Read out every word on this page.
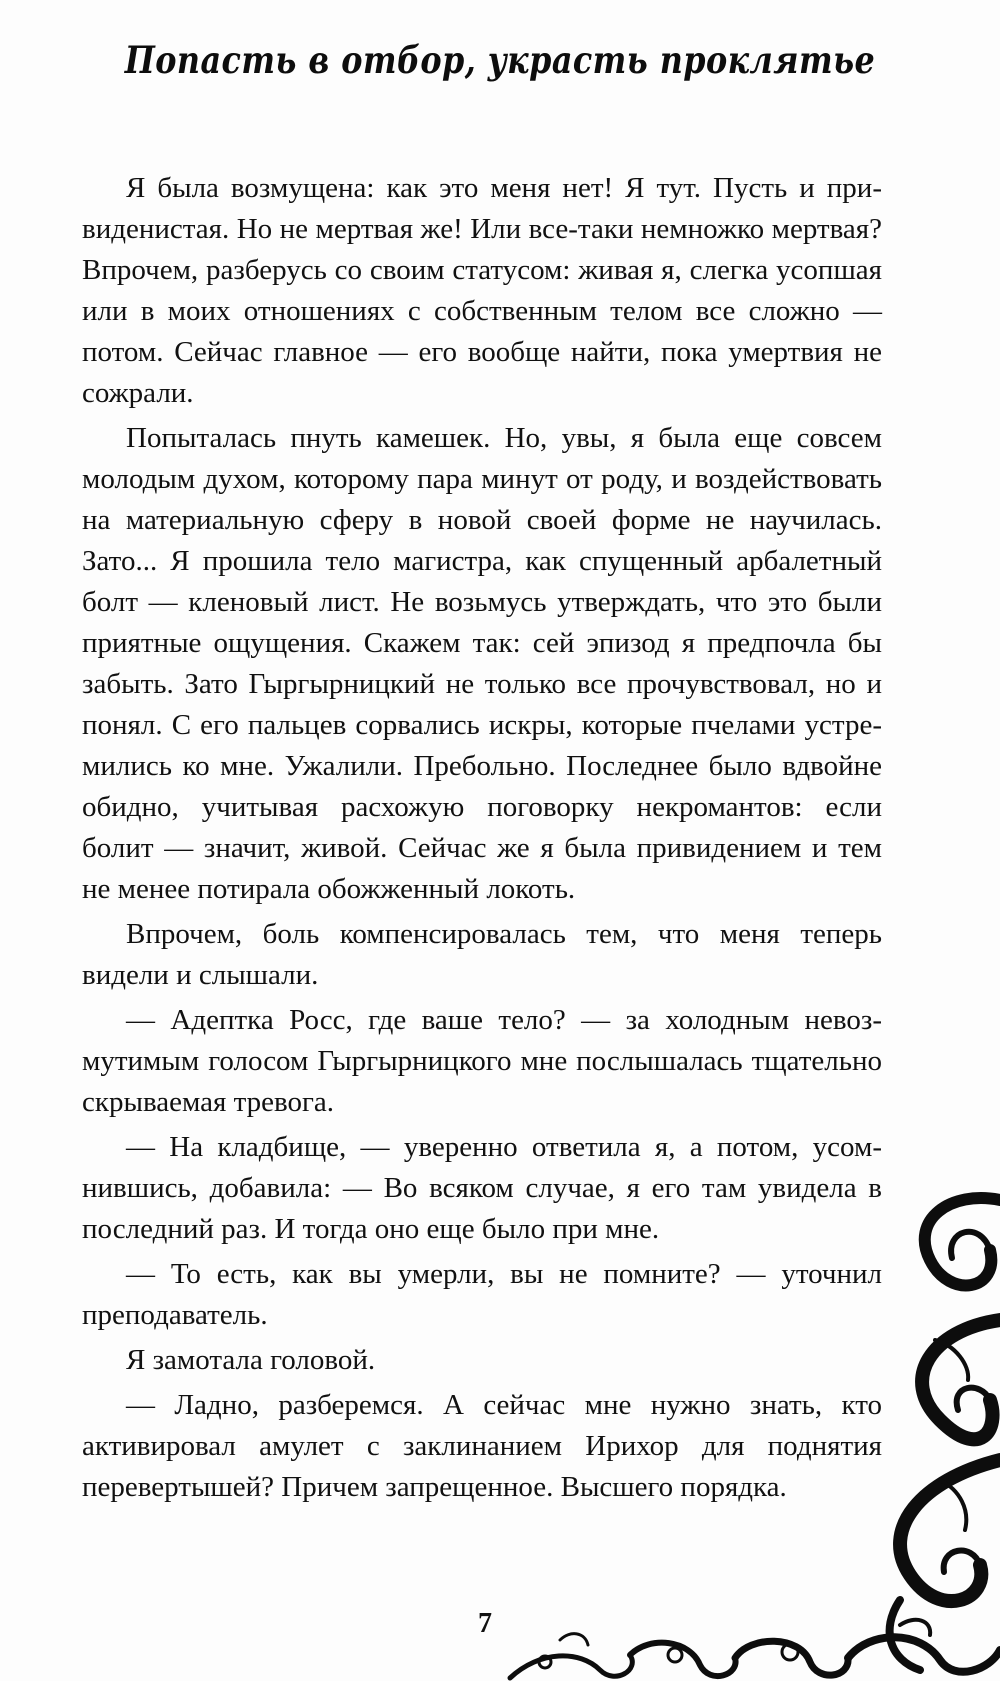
Попасть в отбор, украсть проклятье

Я была возмущена: как это меня нет! Я тут. Пусть и привиденистая. Но не мертвая же! Или все-таки немножко мертвая? Впрочем, разберусь со своим статусом: живая я, слегка усопшая или в моих отношениях с собственным телом все сложно — потом. Сейчас главное — его вообще найти, пока умертвия не сожрали.

Попыталась пнуть камешек. Но, увы, я была еще совсем молодым духом, которому пара минут от роду, и воздействовать на материальную сферу в новой своей форме не научилась. Зато... Я прошила тело магистра, как спущенный арбалетный болт — кленовый лист. Не возьмусь утверждать, что это были приятные ощущения. Скажем так: сей эпизод я предпочла бы забыть. Зато Гыргырницкий не только все прочувствовал, но и понял. С его пальцев сорвались искры, которые пчелами устремились ко мне. Ужалили. Пребольно. Последнее было вдвойне обидно, учитывая расхожую поговорку некромантов: если болит — значит, живой. Сейчас же я была привидением и тем не менее потирала обожженный локоть.

Впрочем, боль компенсировалась тем, что меня теперь видели и слышали.

— Адептка Росс, где ваше тело? — за холодным невозмутимым голосом Гыргырницкого мне послышалась тщательно скрываемая тревога.

— На кладбище, — уверенно ответила я, а потом, усомнившись, добавила: — Во всяком случае, я его там увидела в последний раз. И тогда оно еще было при мне.

— То есть, как вы умерли, вы не помните? — уточнил преподаватель.

Я замотала головой.

— Ладно, разберемся. А сейчас мне нужно знать, кто активировал амулет с заклинанием Ирихор для поднятия перевертышей? Причем запрещенное. Высшего порядка.

7
